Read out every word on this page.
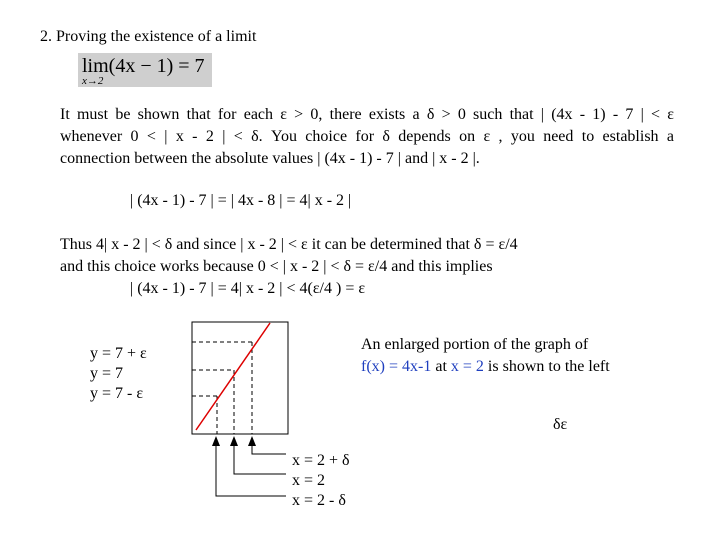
2. Proving the existence of a limit
lim(4x − 1) = 7
x→2
It must be shown that for each ε > 0, there exists a δ > 0 such that | (4x - 1) - 7 | < ε
whenever 0 < | x - 2 | < δ. You choice for δ depends on ε , you need to establish a
connection between the absolute values | (4x - 1) - 7 | and | x - 2 |.
| (4x - 1) - 7 | = | 4x - 8 | = 4| x - 2 |
Thus 4| x - 2 | < δ and since | x - 2 | < ε it can be determined that δ = ε/4
and this choice works because 0 < | x - 2 | < δ = ε/4 and this implies
| (4x - 1) - 7 | = 4| x - 2 | < 4(ε/4 ) = ε
y = 7 + ε
y = 7
y = 7 - ε
x = 2 + δ
x = 2
x = 2 - δ
An enlarged portion of the graph of
f(x) = 4x-1 at x = 2 is shown to the left
δε
